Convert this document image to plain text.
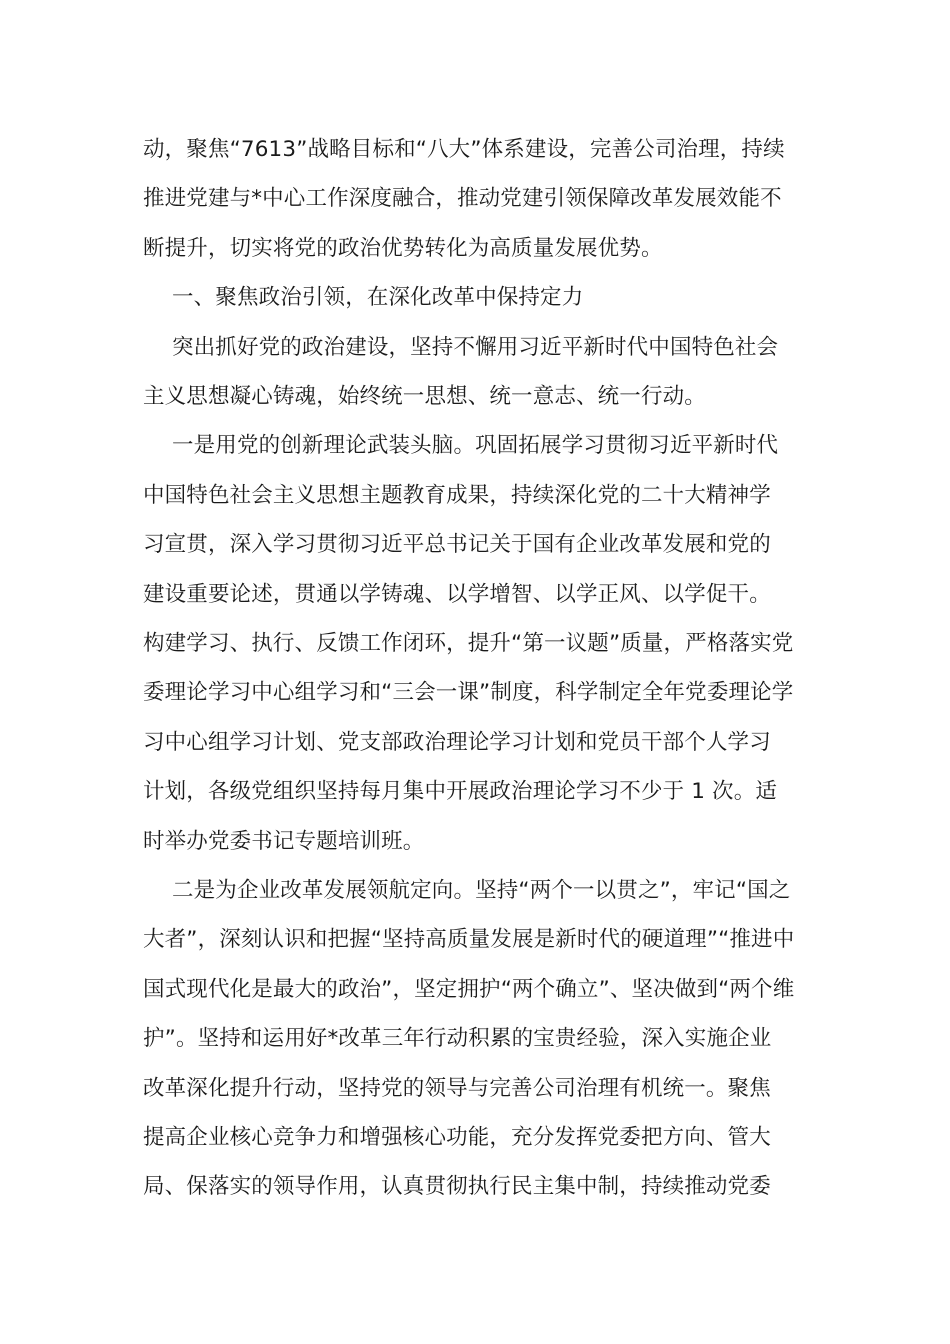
动，聚焦“7613”战略目标和“八大”体系建设，完善公司治理，持续
推进党建与*中心工作深度融合，推动党建引领保障改革发展效能不
断提升，切实将党的政治优势转化为高质量发展优势。
一、聚焦政治引领，在深化改革中保持定力
突出抓好党的政治建设，坚持不懈用习近平新时代中国特色社会
主义思想凝心铸魂，始终统一思想、统一意志、统一行动。
一是用党的创新理论武装头脑。巩固拓展学习贯彻习近平新时代
中国特色社会主义思想主题教育成果，持续深化党的二十大精神学
习宣贯，深入学习贯彻习近平总书记关于国有企业改革发展和党的
建设重要论述，贯通以学铸魂、以学增智、以学正风、以学促干。
构建学习、执行、反馈工作闭环，提升“第一议题”质量，严格落实党
委理论学习中心组学习和“三会一课”制度，科学制定全年党委理论学
习中心组学习计划、党支部政治理论学习计划和党员干部个人学习
计划，各级党组织坚持每月集中开展政治理论学习不少于 1 次。适
时举办党委书记专题培训班。
二是为企业改革发展领航定向。坚持“两个一以贯之”，牢记“国之
大者”，深刻认识和把握“坚持高质量发展是新时代的硬道理”“推进中
国式现代化是最大的政治”，坚定拥护“两个确立”、坚决做到“两个维
护”。坚持和运用好*改革三年行动积累的宝贵经验，深入实施企业
改革深化提升行动，坚持党的领导与完善公司治理有机统一。聚焦
提高企业核心竞争力和增强核心功能，充分发挥党委把方向、管大
局、保落实的领导作用，认真贯彻执行民主集中制，持续推动党委
